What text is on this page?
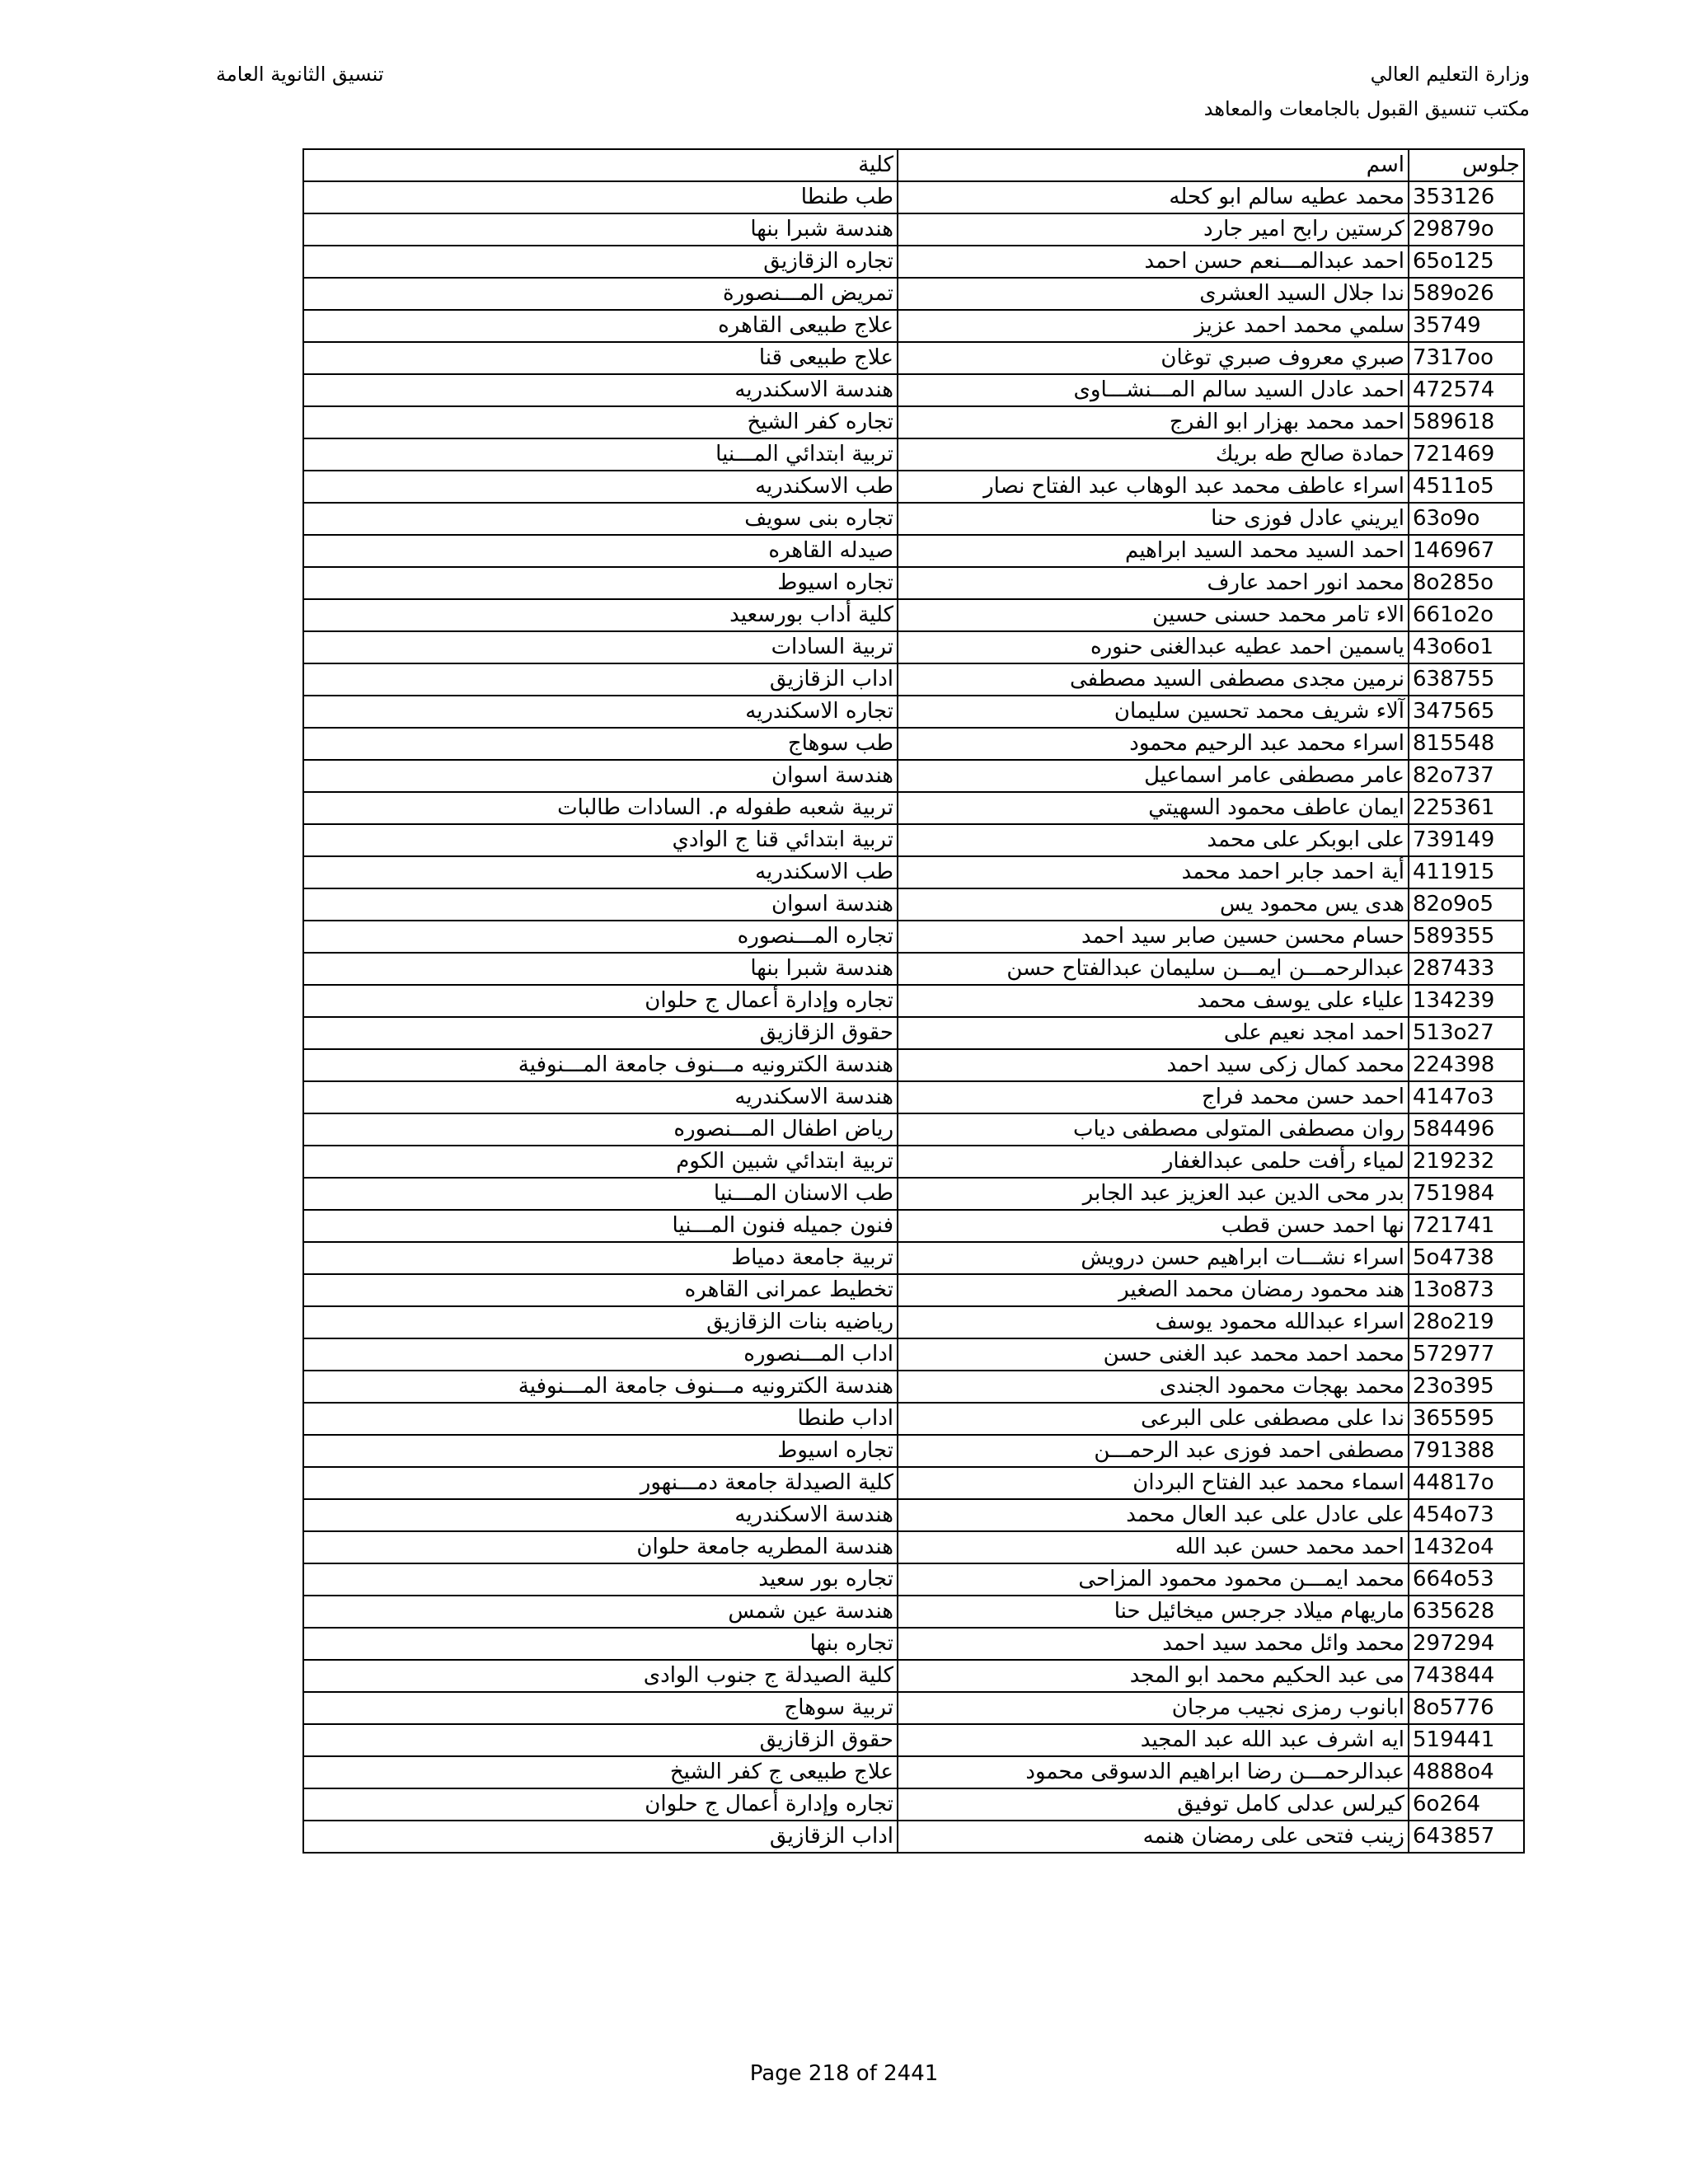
وزارة التعليم العالي
مكتب تنسيق القبول بالجامعات والمعاهد
تنسيق الثانوية العامة
جلوس	اسم	كلية
353126	محمد عطيه سالم ابو كحله	طب طنطا
29879o	كرستين رابح امير جارد	هندسة شبرا بنها
65o125	احمد عبدالمـــنعم حسن احمد	تجاره الزقازيق
589o26	ندا جلال السيد العشرى	تمريض المـــنصورة
35749	سلمي محمد احمد عزيز	علاج طبيعى القاهره
7317oo	صبري معروف صبري توغان	علاج طبيعى قنا
472574	احمد عادل السيد سالم المـــنشـــاوى	هندسة الاسكندريه
589618	احمد محمد بهزار ابو الفرج	تجاره كفر الشيخ
721469	حمادة صالح طه بريك	تربية ابتدائي المـــنيا
4511o5	اسراء عاطف محمد عبد الوهاب عبد الفتاح نصار	طب الاسكندريه
63o9o	ايريني عادل فوزى حنا	تجاره بنى سويف
146967	احمد السيد محمد السيد ابراهيم	صيدله القاهره
8o285o	محمد انور احمد عارف	تجاره اسيوط
661o2o	الاء تامر محمد حسنى حسين	كلية أداب بورسعيد
43o6o1	ياسمين احمد عطيه عبدالغنى حنوره	تربية السادات
638755	نرمين مجدى مصطفى السيد مصطفى	اداب الزقازيق
347565	آلاء شريف محمد تحسين سليمان	تجاره الاسكندريه
815548	اسراء محمد عبد الرحيم محمود	طب سوهاج
82o737	عامر مصطفى عامر اسماعيل	هندسة اسوان
225361	ايمان عاطف محمود السهيتي	تربية شعبه طفوله م. السادات طالبات
739149	على ابوبكر على محمد	تربية ابتدائي قنا ج الوادي
411915	أية احمد جابر احمد محمد	طب الاسكندريه
82o9o5	هدى يس محمود يس	هندسة اسوان
589355	حسام محسن حسين صابر سيد احمد	تجاره المـــنصوره
287433	عبدالرحمـــن ايمـــن سليمان عبدالفتاح حسن	هندسة شبرا بنها
134239	علياء على يوسف محمد	تجاره وإدارة أعمال ج حلوان
513o27	احمد امجد نعيم على	حقوق الزقازيق
224398	محمد كمال زكى سيد احمد	هندسة الكترونيه مـــنوف جامعة المـــنوفية
4147o3	احمد حسن محمد فراج	هندسة الاسكندريه
584496	روان مصطفى المتولى مصطفى دياب	رياض اطفال المـــنصوره
219232	لمياء رأفت حلمى عبدالغفار	تربية ابتدائي شبين الكوم
751984	بدر محى الدين عبد العزيز عبد الجابر	طب الاسنان المـــنيا
721741	نها احمد حسن قطب	فنون جميله فنون المـــنيا
5o4738	اسراء نشـــات ابراهيم حسن درويش	تربية جامعة دمياط
13o873	هند محمود رمضان محمد الصغير	تخطيط عمرانى القاهره
28o219	اسراء عبدالله محمود يوسف	رياضيه بنات الزقازيق
572977	محمد احمد محمد عبد الغنى حسن	اداب المـــنصوره
23o395	محمد بهجات محمود الجندى	هندسة الكترونيه مـــنوف جامعة المـــنوفية
365595	ندا على مصطفى على البرعى	اداب طنطا
791388	مصطفى احمد فوزى عبد الرحمـــن	تجاره اسيوط
44817o	اسماء محمد عبد الفتاح البردان	كلية الصيدلة جامعة دمـــنهور
454o73	على عادل على عبد العال محمد	هندسة الاسكندريه
1432o4	احمد محمد حسن عبد الله	هندسة المطريه جامعة حلوان
664o53	محمد ايمـــن محمود محمود المزاحى	تجاره بور سعيد
635628	ماريهام ميلاد جرجس ميخائيل حنا	هندسة عين شمس
297294	محمد وائل محمد سيد احمد	تجاره بنها
743844	مى عبد الحكيم محمد ابو المجد	كلية الصيدلة ج جنوب الوادى
8o5776	ابانوب رمزى نجيب مرجان	تربية سوهاج
519441	ايه اشرف عبد الله عبد المجيد	حقوق الزقازيق
4888o4	عبدالرحمـــن رضا ابراهيم الدسوقى محمود	علاج طبيعى ج كفر الشيخ
6o264	كيرلس عدلى كامل توفيق	تجاره وإدارة أعمال ج حلوان
643857	زينب فتحى على رمضان هنمه	اداب الزقازيق
Page 218 of 2441
